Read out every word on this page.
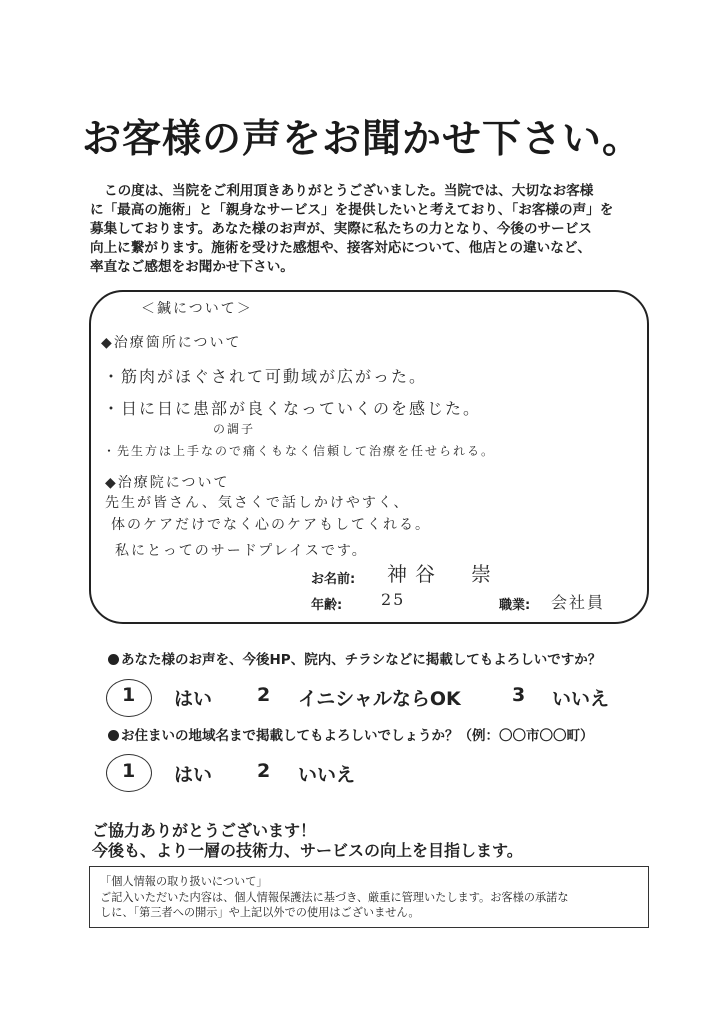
お客様の声をお聞かせ下さい。
この度は、当院をご利用頂きありがとうございました。当院では、大切なお客様
に「最高の施術」と「親身なサービス」を提供したいと考えており、「お客様の声」を
募集しております。あなた様のお声が、実際に私たちの力となり、今後のサービス
向上に繋がります。施術を受けた感想や、接客対応について、他店との違いなど、
率直なご感想をお聞かせ下さい。
＜鍼について＞
◆治療箇所について
・筋肉がほぐされて可動域が広がった。
・日に日に患部が良くなっていくのを感じた。
の調子
・先生方は上手なので痛くもなく信頼して治療を任せられる。
◆治療院について
先生が皆さん、気さくで話しかけやすく、
体のケアだけでなく心のケアもしてくれる。
私にとってのサードプレイスです。
お名前: 神谷　崇
年齢: 25	職業: 会社員
あなた様のお声を、今後HP、院内、チラシなどに掲載してもよろしいですか？
1 はい 2 イニシャルならOK	3 いいえ
お住まいの地域名まで掲載してもよろしいでしょうか？（例：〇〇市〇〇町）
1 はい 2 いいえ
ご協力ありがとうございます！
今後も、より一層の技術力、サービスの向上を目指します。
「個人情報の取り扱いについて」
ご記入いただいた内容は、個人情報保護法に基づき、厳重に管理いたします。お客様の承諾な
しに、「第三者への開示」や上記以外での使用はございません。
